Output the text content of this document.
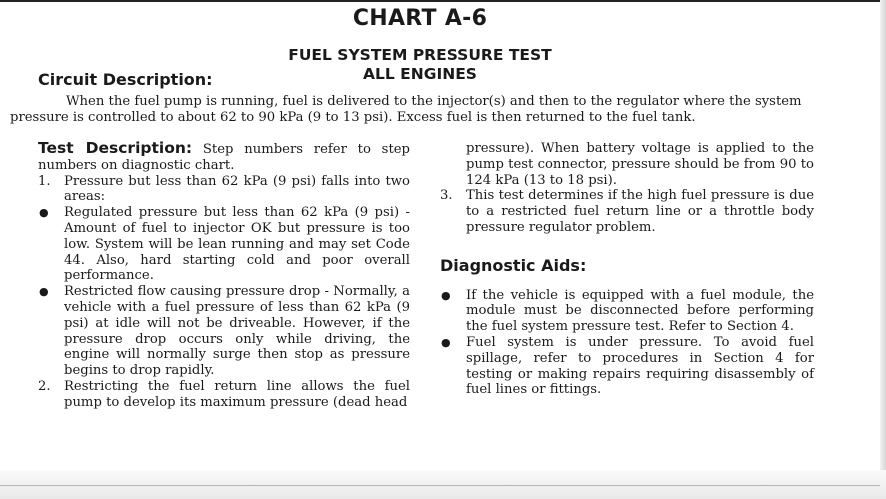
CHART A-6
FUEL SYSTEM PRESSURE TEST
ALL ENGINES
Circuit Description:

When the fuel pump is running, fuel is delivered to the injector(s) and then to the regulator where the system pressure is controlled to about 62 to 90 kPa (9 to 13 psi). Excess fuel is then returned to the fuel tank.

Test Description: Step numbers refer to step numbers on diagnostic chart.
1.	Pressure but less than 62 kPa (9 psi) falls into two areas:
●	Regulated pressure but less than 62 kPa (9 psi) - Amount of fuel to injector OK but pressure is too low. System will be lean running and may set Code 44. Also, hard starting cold and poor overall performance.
●	Restricted flow causing pressure drop - Normally, a vehicle with a fuel pressure of less than 62 kPa (9 psi) at idle will not be driveable. However, if the pressure drop occurs only while driving, the engine will normally surge then stop as pressure begins to drop rapidly.
2.	Restricting the fuel return line allows the fuel pump to develop its maximum pressure (dead head
pressure). When battery voltage is applied to the pump test connector, pressure should be from 90 to 124 kPa (13 to 18 psi).
3.	This test determines if the high fuel pressure is due to a restricted fuel return line or a throttle body pressure regulator problem.
Diagnostic Aids:
●	If the vehicle is equipped with a fuel module, the module must be disconnected before performing the fuel system pressure test. Refer to Section 4.
●	Fuel system is under pressure. To avoid fuel spillage, refer to procedures in Section 4 for testing or making repairs requiring disassembly of fuel lines or fittings.
